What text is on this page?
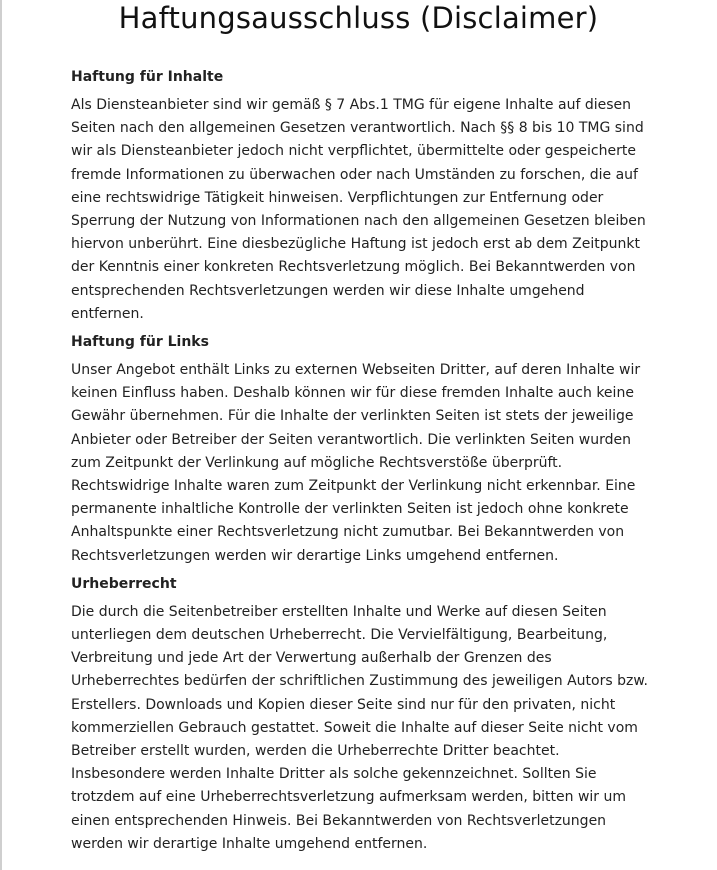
Haftungsausschluss (Disclaimer)
Haftung für Inhalte

Als Diensteanbieter sind wir gemäß § 7 Abs.1 TMG für eigene Inhalte auf diesen Seiten nach den allgemeinen Gesetzen verantwortlich. Nach §§ 8 bis 10 TMG sind wir als Diensteanbieter jedoch nicht verpflichtet, übermittelte oder gespeicherte fremde Informationen zu überwachen oder nach Umständen zu forschen, die auf eine rechtswidrige Tätigkeit hinweisen. Verpflichtungen zur Entfernung oder Sperrung der Nutzung von Informationen nach den allgemeinen Gesetzen bleiben hiervon unberührt. Eine diesbezügliche Haftung ist jedoch erst ab dem Zeitpunkt der Kenntnis einer konkreten Rechtsverletzung möglich. Bei Bekanntwerden von entsprechenden Rechtsverletzungen werden wir diese Inhalte umgehend entfernen.

Haftung für Links

Unser Angebot enthält Links zu externen Webseiten Dritter, auf deren Inhalte wir keinen Einfluss haben. Deshalb können wir für diese fremden Inhalte auch keine Gewähr übernehmen. Für die Inhalte der verlinkten Seiten ist stets der jeweilige Anbieter oder Betreiber der Seiten verantwortlich. Die verlinkten Seiten wurden zum Zeitpunkt der Verlinkung auf mögliche Rechtsverstöße überprüft. Rechtswidrige Inhalte waren zum Zeitpunkt der Verlinkung nicht erkennbar. Eine permanente inhaltliche Kontrolle der verlinkten Seiten ist jedoch ohne konkrete Anhaltspunkte einer Rechtsverletzung nicht zumutbar. Bei Bekanntwerden von Rechtsverletzungen werden wir derartige Links umgehend entfernen.

Urheberrecht

Die durch die Seitenbetreiber erstellten Inhalte und Werke auf diesen Seiten unterliegen dem deutschen Urheberrecht. Die Vervielfältigung, Bearbeitung, Verbreitung und jede Art der Verwertung außerhalb der Grenzen des Urheberrechtes bedürfen der schriftlichen Zustimmung des jeweiligen Autors bzw. Erstellers. Downloads und Kopien dieser Seite sind nur für den privaten, nicht kommerziellen Gebrauch gestattet. Soweit die Inhalte auf dieser Seite nicht vom Betreiber erstellt wurden, werden die Urheberrechte Dritter beachtet. Insbesondere werden Inhalte Dritter als solche gekennzeichnet. Sollten Sie trotzdem auf eine Urheberrechtsverletzung aufmerksam werden, bitten wir um einen entsprechenden Hinweis. Bei Bekanntwerden von Rechtsverletzungen werden wir derartige Inhalte umgehend entfernen.
